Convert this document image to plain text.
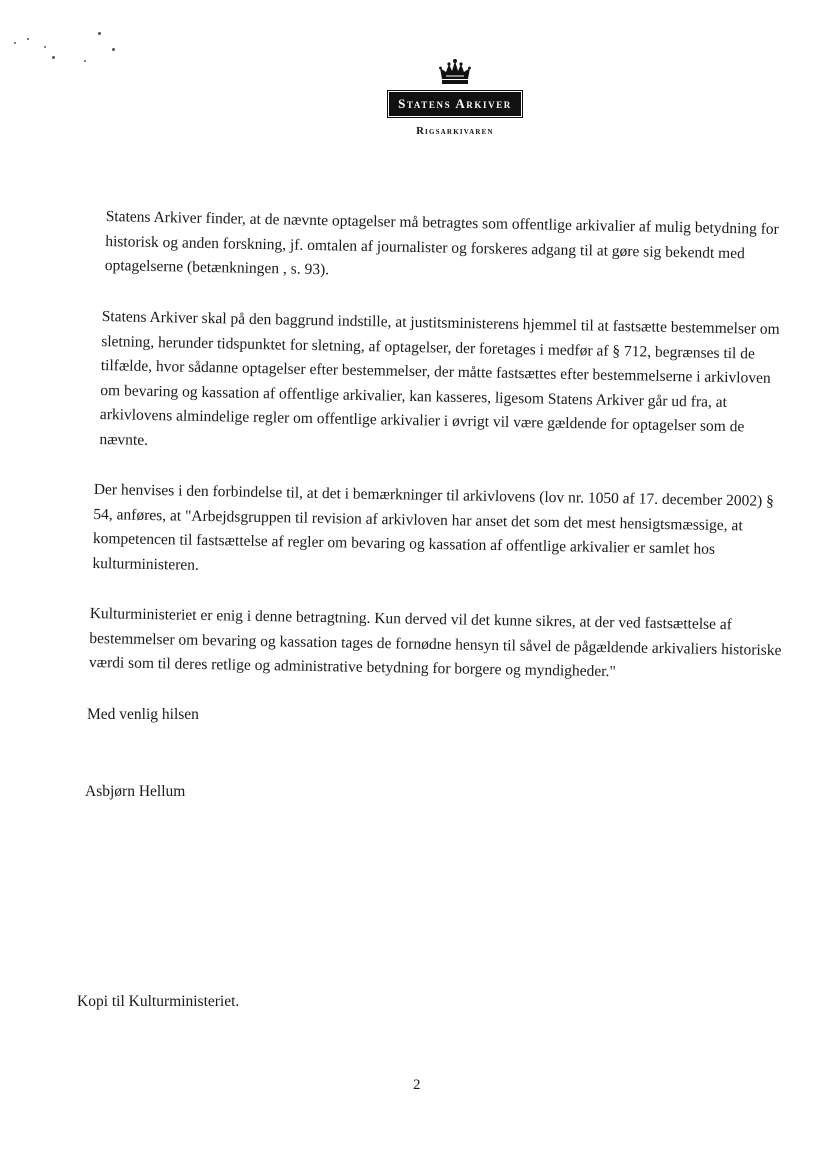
Statens Arkiver
Rigsarkivaren

Statens Arkiver finder, at de nævnte optagelser må betragtes som offentlige arkivalier af mulig betydning for historisk og anden forskning, jf. omtalen af journalister og forskeres adgang til at gøre sig bekendt med optagelserne (betænkningen , s. 93).

Statens Arkiver skal på den baggrund indstille, at justitsministerens hjemmel til at fastsætte bestemmelser om sletning, herunder tidspunktet for sletning, af optagelser, der foretages i medfør af § 712, begrænses til de tilfælde, hvor sådanne optagelser efter bestemmelser, der måtte fastsættes efter bestemmelserne i arkivloven om bevaring og kassation af offentlige arkivalier, kan kasseres, ligesom Statens Arkiver går ud fra, at arkivlovens almindelige regler om offentlige arkivalier i øvrigt vil være gældende for optagelser som de nævnte.

Der henvises i den forbindelse til, at det i bemærkninger til arkivlovens (lov nr. 1050 af 17. december 2002) § 54, anføres, at "Arbejdsgruppen til revision af arkivloven har anset det som det mest hensigtsmæssige, at kompetencen til fastsættelse af regler om bevaring og kassation af offentlige arkivalier er samlet hos kulturministeren.

Kulturministeriet er enig i denne betragtning. Kun derved vil det kunne sikres, at der ved fastsættelse af bestemmelser om bevaring og kassation tages de fornødne hensyn til såvel de pågældende arkivaliers historiske værdi som til deres retlige og administrative betydning for borgere og myndigheder."

Med venlig hilsen
Asbjørn Hellum
Kopi til Kulturministeriet.
2
